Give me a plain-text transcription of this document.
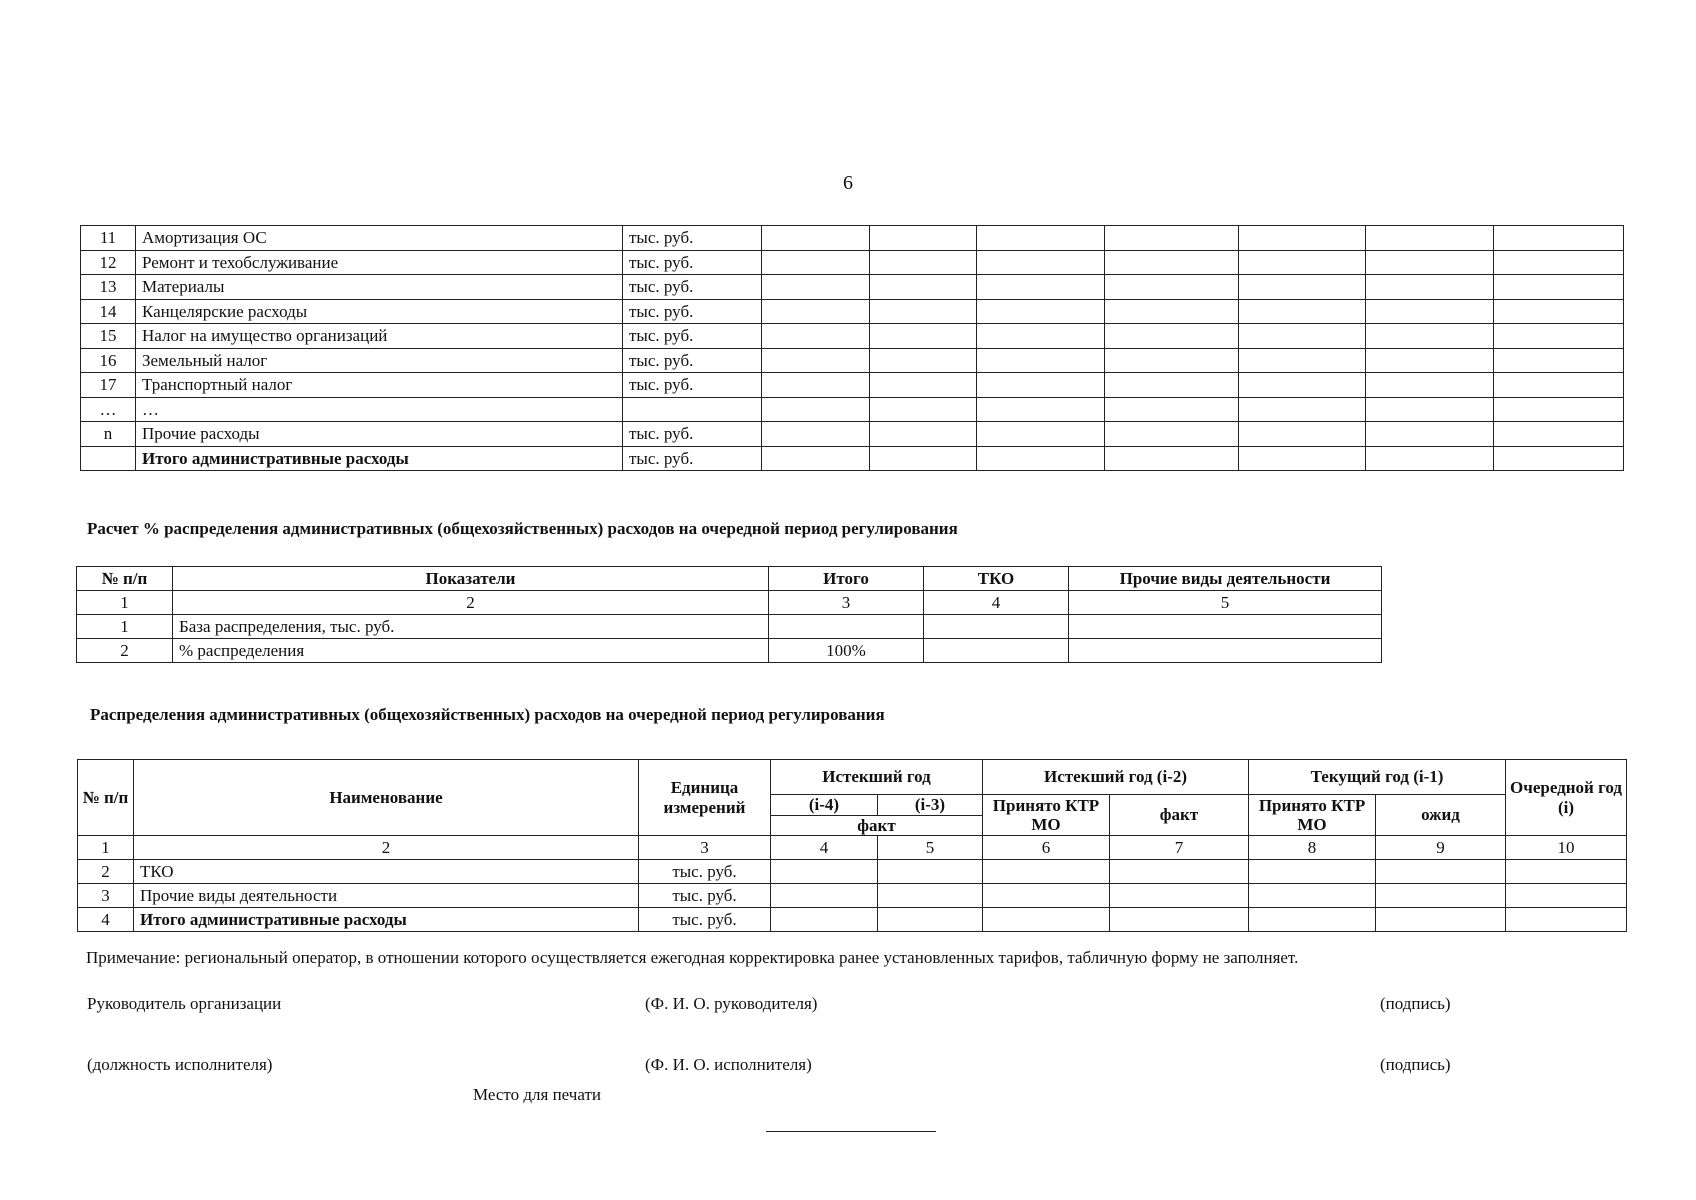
6
11	Амортизация ОС	тыс. руб.							
12	Ремонт и техобслуживание	тыс. руб.							
13	Материалы	тыс. руб.							
14	Канцелярские расходы	тыс. руб.							
15	Налог на имущество организаций	тыс. руб.							
16	Земельный налог	тыс. руб.							
17	Транспортный налог	тыс. руб.							
…	…								
n	Прочие расходы	тыс. руб.							
	Итого административные расходы	тыс. руб.							
Расчет % распределения административных (общехозяйственных) расходов на очередной период регулирования
№ п/п	Показатели	Итого	ТКО	Прочие виды деятельности
1	2	3	4	5
1	База распределения, тыс. руб.			
2	% распределения	100%		
Распределения административных (общехозяйственных) расходов на очередной период регулирования
№ п/п	Наименование	Единица измерений	Истекший год		Истекший год (i-2)		Текущий год (i-1)		Очередной год (i)
			(i-4)	(i-3)	Принято КТР МО	факт	Принято КТР МО	ожид	
			факт						
1	2	3	4	5	6	7	8	9	10
2	ТКО	тыс. руб.							
3	Прочие виды деятельности	тыс. руб.							
4	Итого административные расходы	тыс. руб.							
Примечание: региональный оператор, в отношении которого осуществляется ежегодная корректировка ранее установленных тарифов, табличную форму не заполняет.
Руководитель организации	(Ф. И. О. руководителя)	(подпись)
(должность исполнителя)	(Ф. И. О. исполнителя)	(подпись)
Место для печати
